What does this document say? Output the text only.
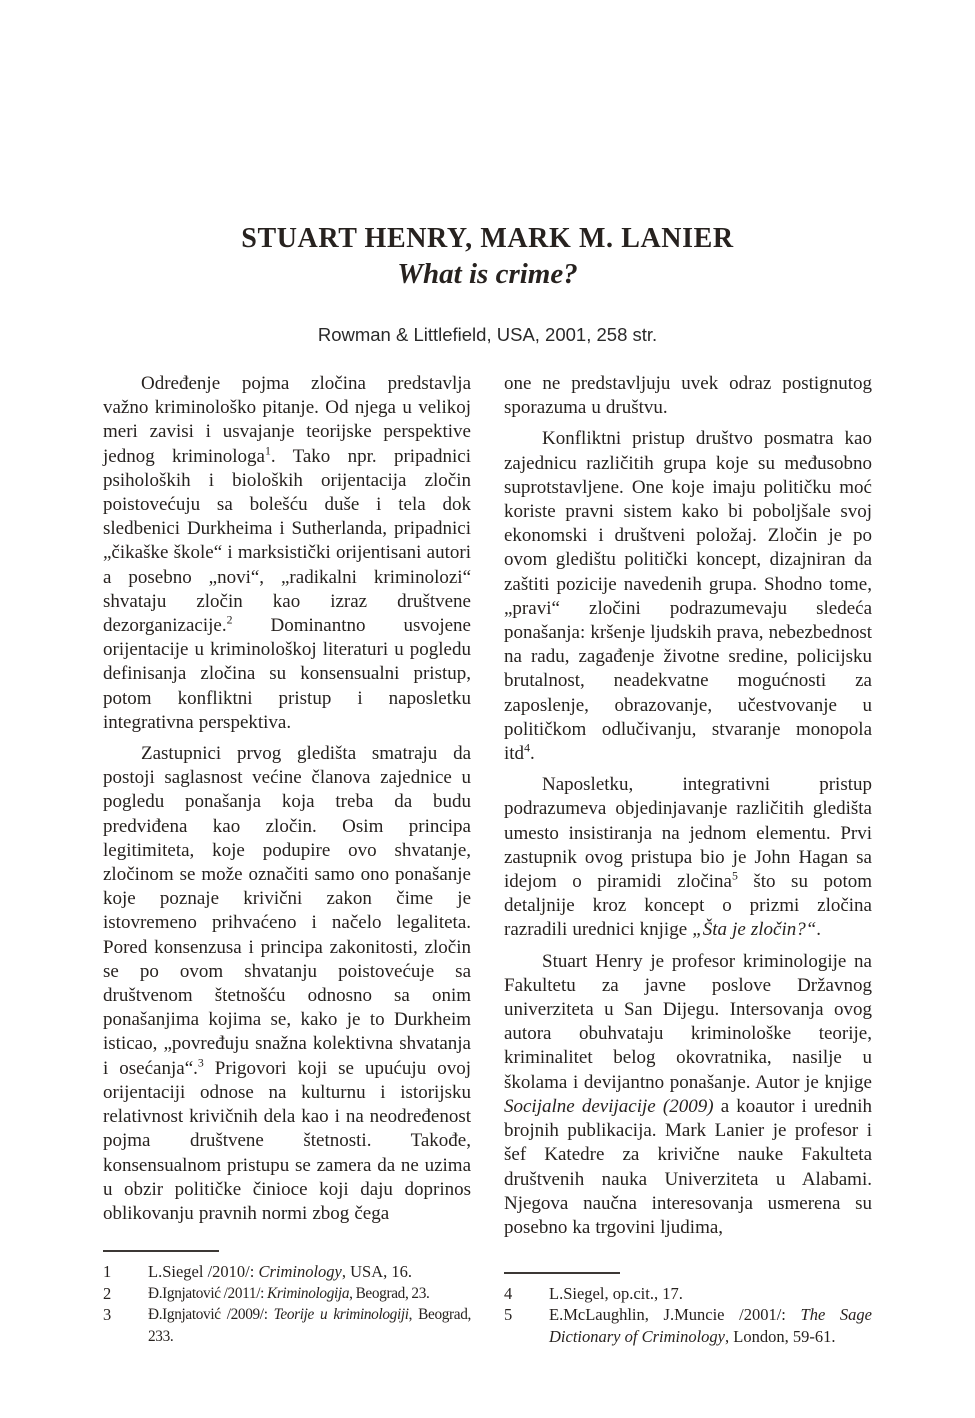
STUART HENRY, MARK M. LANIER
What is crime?
Rowman & Littlefield, USA, 2001, 258 str.

Određenje pojma zločina predstavlja važno kriminološko pitanje. Od njega u velikoj meri zavisi i usvajanje teorijske perspektive jednog kriminologa$^1$. Tako npr. pripadnici psiholoških i bioloških orijentacija zločin poistovećuju sa bolešću duše i tela dok sledbenici Durkheima i Sutherlanda, pripadnici „čikaške škole“ i marksistički orijentisani autori a posebno „novi“, „radikalni kriminolozi“ shvataju zločin kao izraz društvene dezorganizacije.$^2$ Dominantno usvojene orijentacije u kriminološkoj literaturi u pogledu definisanja zločina su konsensualni pristup, potom konfliktni pristup i naposletku integrativna perspektiva.

Zastupnici prvog gledišta smatraju da postoji saglasnost većine članova zajednice u pogledu ponašanja koja treba da budu predviđena kao zločin. Osim principa legitimiteta, koje podupire ovo shvatanje, zločinom se može označiti samo ono ponašanje koje poznaje krivični zakon čime je istovremeno prihvaćeno i načelo legaliteta. Pored konsenzusa i principa zakonitosti, zločin se po ovom shvatanju poistovećuje sa društvenom štetnošću odnosno sa onim ponašanjima kojima se, kako je to Durkheim isticao, „povređuju snažna kolektivna shvatanja i osećanja“.$^3$ Prigovori koji se upućuju ovoj orijentaciji odnose na kulturnu i istorijsku relativnost krivičnih dela kao i na neodređenost pojma društvene štetnosti. Takođe, konsensualnom pristupu se zamera da ne uzima u obzir političke činioce koji daju doprinos oblikovanju pravnih normi zbog čega

1	L.Siegel /2010/: Criminology, USA, 16.
2	Đ.Ignjatović /2011/: Kriminologija, Beograd, 23.
3	Đ.Ignjatović /2009/: Teorije u kriminologiji, Beograd, 233.

one ne predstavljuju uvek odraz postignutog sporazuma u društvu.

Konfliktni pristup društvo posmatra kao zajednicu različitih grupa koje su međusobno suprotstavljene. One koje imaju političku moć koriste pravni sistem kako bi poboljšale svoj ekonomski i društveni položaj. Zločin je po ovom gledištu politički koncept, dizajniran da zaštiti pozicije navedenih grupa. Shodno tome, „pravi“ zločini podrazumevaju sledeća ponašanja: kršenje ljudskih prava, nebezbednost na radu, zagađenje životne sredine, policijsku brutalnost, neadekvatne mogućnosti za zaposlenje, obrazovanje, učestvovanje u političkom odlučivanju, stvaranje monopola itd$^4$.

Naposletku, integrativni pristup podrazumeva objedinjavanje različitih gledišta umesto insistiranja na jednom elementu. Prvi zastupnik ovog pristupa bio je John Hagan sa idejom o piramidi zločina$^5$ što su potom detaljnije kroz koncept o prizmi zločina razradili urednici knjige „Šta je zločin?“.

Stuart Henry je profesor kriminologije na Fakultetu za javne poslove Državnog univerziteta u San Dijegu. Intersovanja ovog autora obuhvataju kriminološke teorije, kriminalitet belog okovratnika, nasilje u školama i devijantno ponašanje. Autor je knjige Socijalne devijacije (2009) a koautor i urednih brojnih publikacija. Mark Lanier je profesor i šef Katedre za krivične nauke Fakulteta društvenih nauka Univerziteta u Alabami. Njegova naučna interesovanja usmerena su posebno ka trgovini ljudima,

4	L.Siegel, op.cit., 17.
5	E.McLaughlin, J.Muncie /2001/: The Sage Dictionary of Criminology, London, 59-61.
